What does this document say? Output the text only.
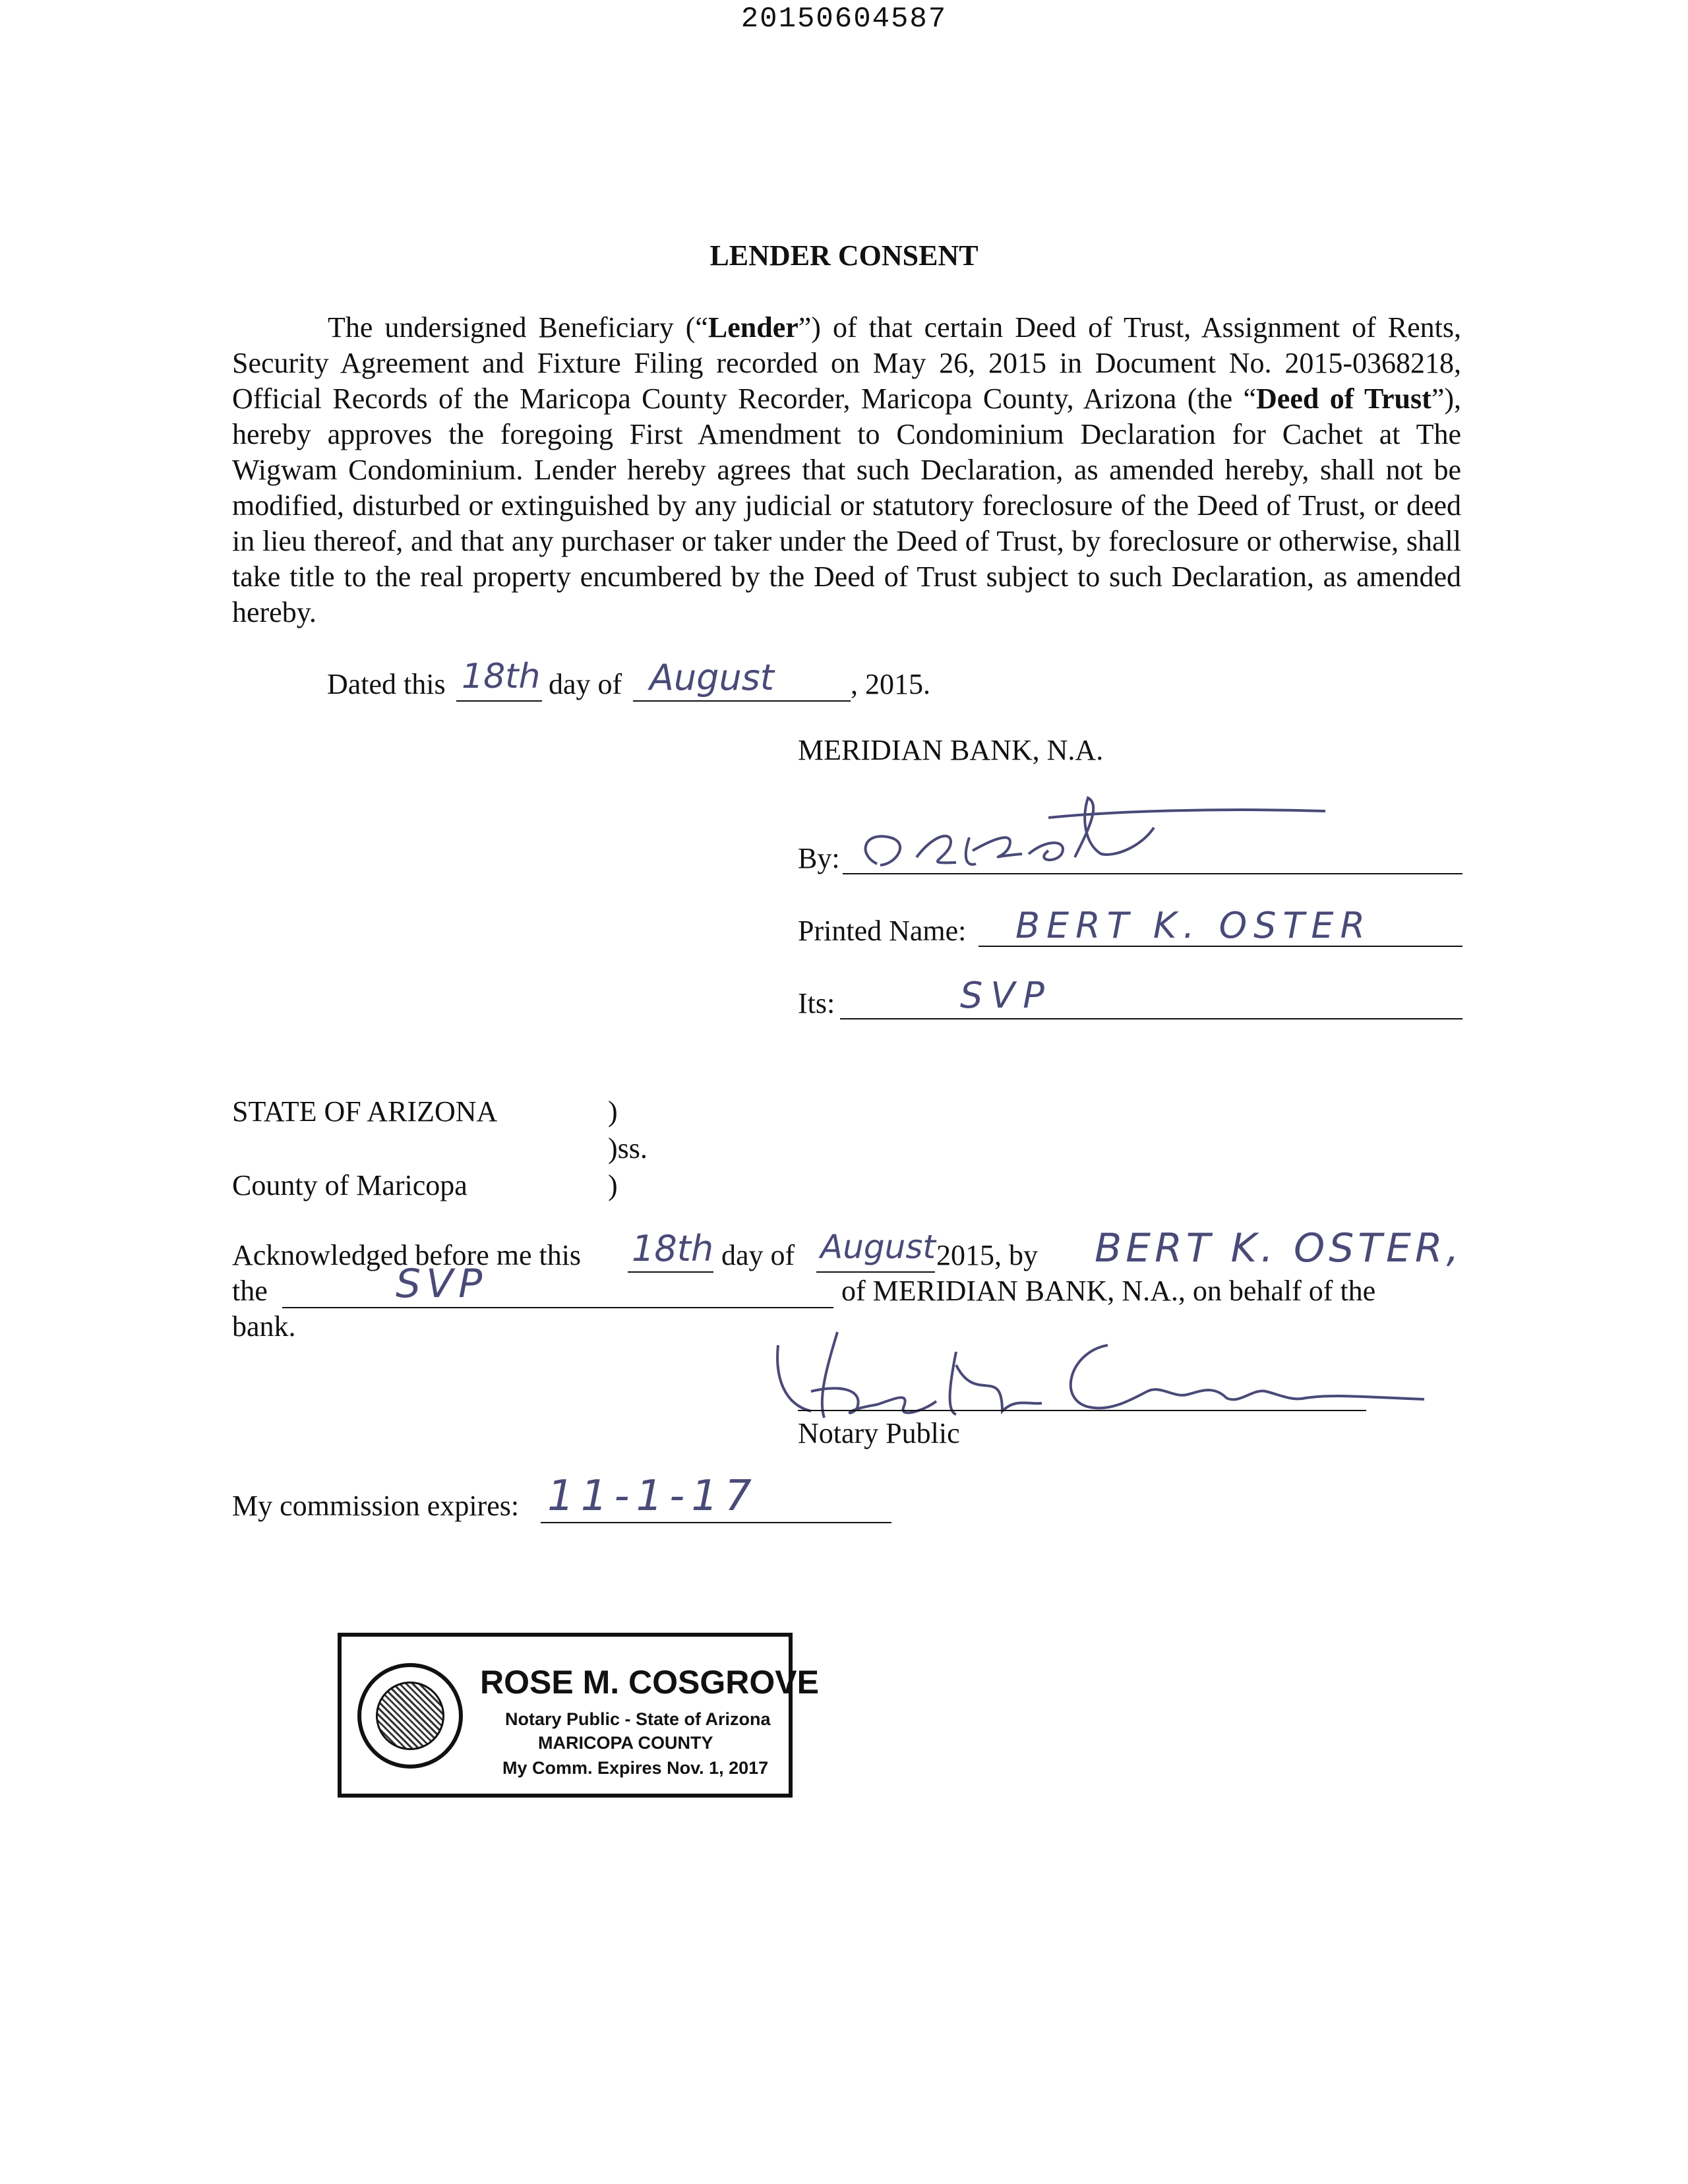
20150604587
LENDER CONSENT
The undersigned Beneficiary (“Lender”) of that certain Deed of Trust, Assignment of Rents, Security Agreement and Fixture Filing recorded on May 26, 2015 in Document No. 2015-0368218, Official Records of the Maricopa County Recorder, Maricopa County, Arizona (the “Deed of Trust”), hereby approves the foregoing First Amendment to Condominium Declaration for Cachet at The Wigwam Condominium. Lender hereby agrees that such Declaration, as amended hereby, shall not be modified, disturbed or extinguished by any judicial or statutory foreclosure of the Deed of Trust, or deed in lieu thereof, and that any purchaser or taker under the Deed of Trust, by foreclosure or otherwise, shall take title to the real property encumbered by the Deed of Trust subject to such Declaration, as amended hereby.
Dated this 18th day of August	, 2015.
MERIDIAN BANK, N.A.
By:
Printed Name: BERT K. OSTER
Its:	SVP
STATE OF ARIZONA	)
)ss.
County of Maricopa	)
Acknowledged before me this 18th day of August 2015, by BERT K. OSTER,
the	SVP	of MERIDIAN BANK, N.A., on behalf of the
bank.
Notary Public
My commission expires: 11-1-17
ROSE M. COSGROVE
Notary Public - State of Arizona
MARICOPA COUNTY
My Comm. Expires Nov. 1, 2017
